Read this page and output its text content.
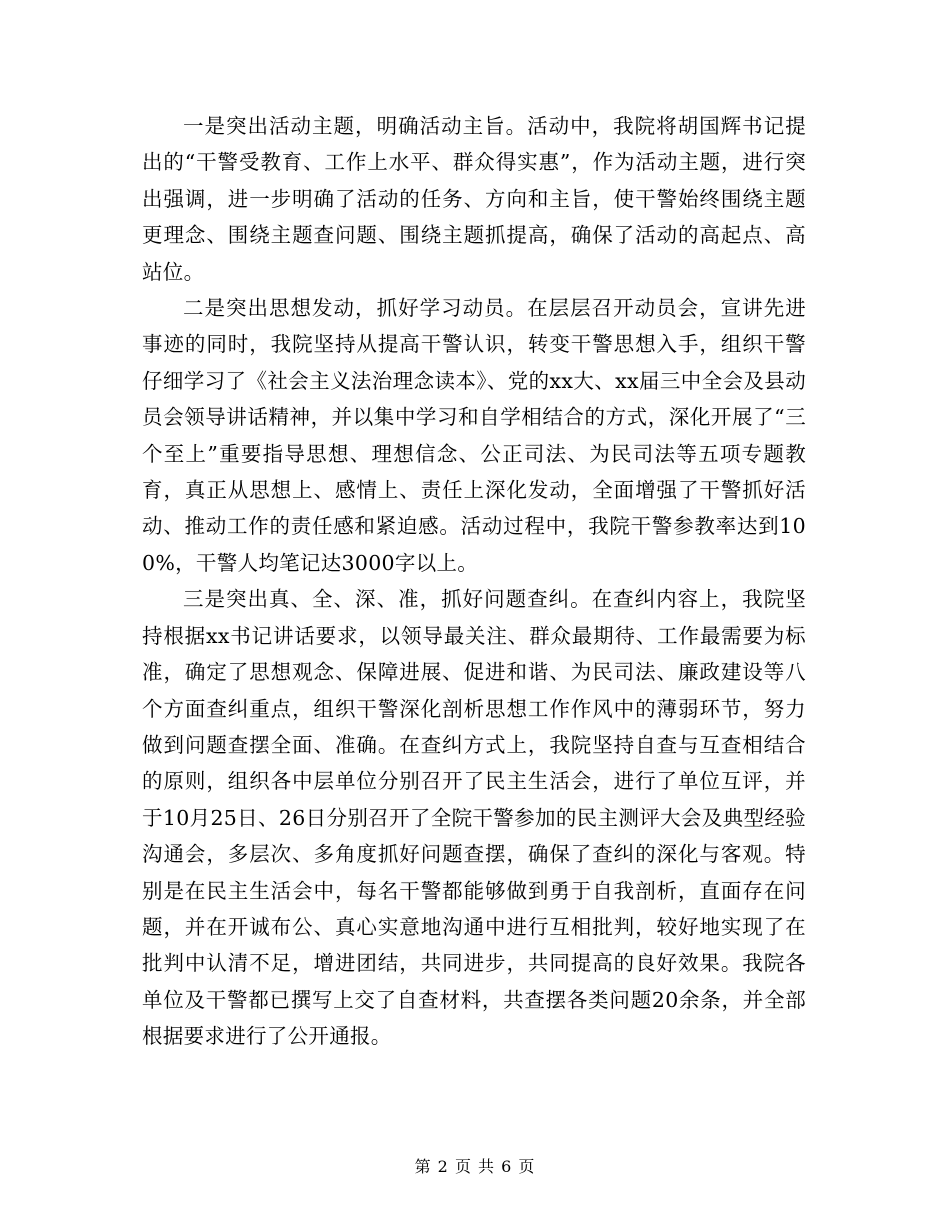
一是突出活动主题，明确活动主旨。活动中，我院将胡国辉书记提出的“干警受教育、工作上水平、群众得实惠”，作为活动主题，进行突出强调，进一步明确了活动的任务、方向和主旨，使干警始终围绕主题更理念、围绕主题查问题、围绕主题抓提高，确保了活动的高起点、高站位。

二是突出思想发动，抓好学习动员。在层层召开动员会，宣讲先进事迹的同时，我院坚持从提高干警认识，转变干警思想入手，组织干警仔细学习了《社会主义法治理念读本》、党的xx大、xx届三中全会及县动员会领导讲话精神，并以集中学习和自学相结合的方式，深化开展了“三个至上”重要指导思想、理想信念、公正司法、为民司法等五项专题教育，真正从思想上、感情上、责任上深化发动，全面增强了干警抓好活动、推动工作的责任感和紧迫感。活动过程中，我院干警参教率达到100%，干警人均笔记达3000字以上。

三是突出真、全、深、准，抓好问题查纠。在查纠内容上，我院坚持根据xx书记讲话要求，以领导最关注、群众最期待、工作最需要为标准，确定了思想观念、保障进展、促进和谐、为民司法、廉政建设等八个方面查纠重点，组织干警深化剖析思想工作作风中的薄弱环节，努力做到问题查摆全面、准确。在查纠方式上，我院坚持自查与互查相结合的原则，组织各中层单位分别召开了民主生活会，进行了单位互评，并于10月25日、26日分别召开了全院干警参加的民主测评大会及典型经验沟通会，多层次、多角度抓好问题查摆，确保了查纠的深化与客观。特别是在民主生活会中，每名干警都能够做到勇于自我剖析，直面存在问题，并在开诚布公、真心实意地沟通中进行互相批判，较好地实现了在批判中认清不足，增进团结，共同进步，共同提高的良好效果。我院各单位及干警都已撰写上交了自查材料，共查摆各类问题20余条，并全部根据要求进行了公开通报。

第 2 页 共 6 页
